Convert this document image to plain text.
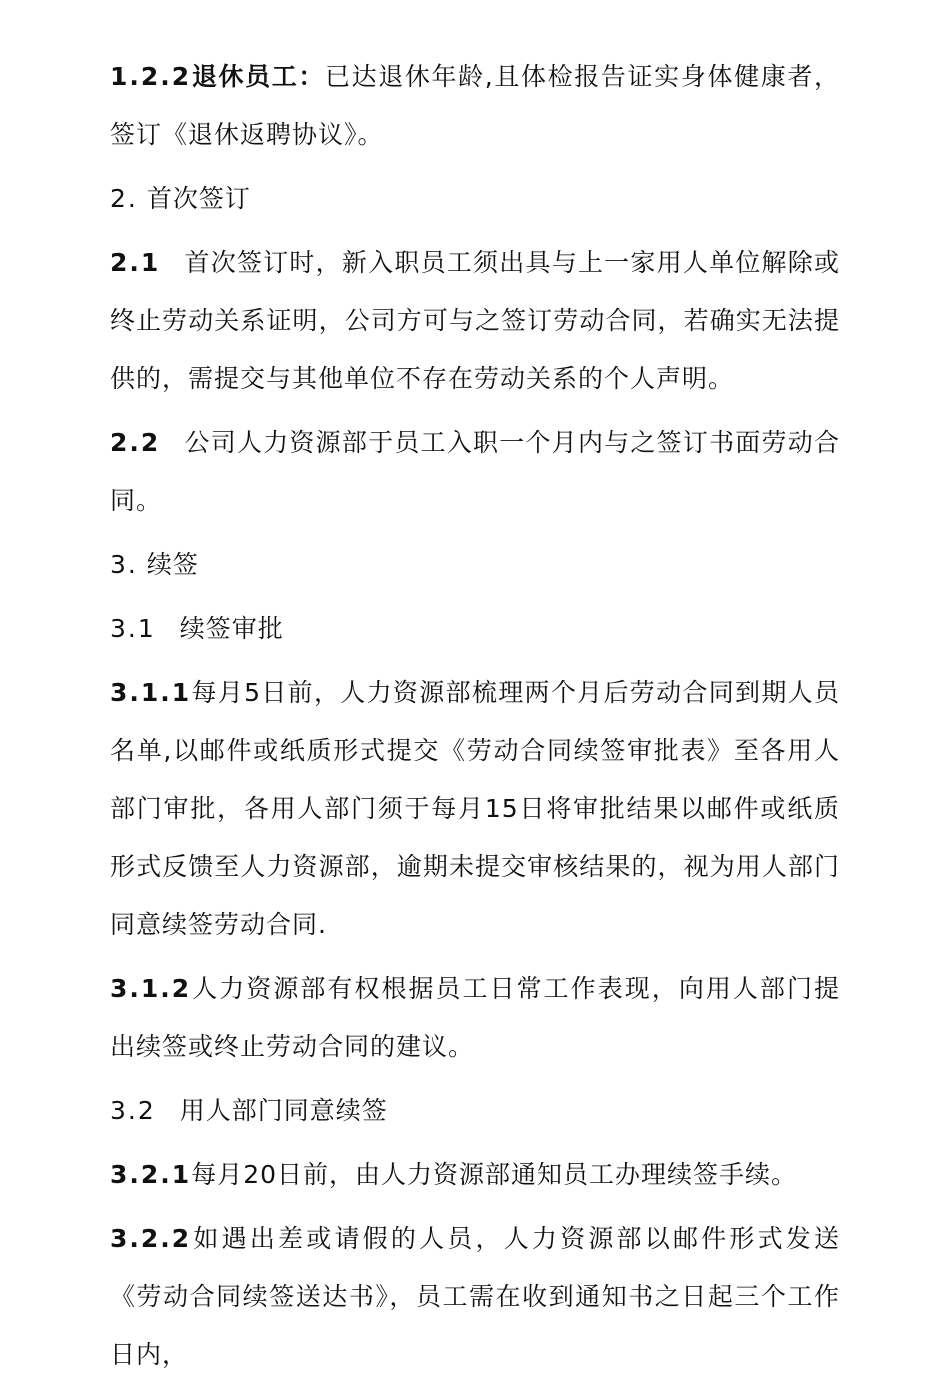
1.2.2退休员工：已达退休年龄,且体检报告证实身体健康者，签订《退休返聘协议》。

2. 首次签订

2.1 首次签订时，新入职员工须出具与上一家用人单位解除或终止劳动关系证明，公司方可与之签订劳动合同，若确实无法提供的，需提交与其他单位不存在劳动关系的个人声明。

2.2 公司人力资源部于员工入职一个月内与之签订书面劳动合同。

3. 续签

3.1 续签审批

3.1.1每月5日前，人力资源部梳理两个月后劳动合同到期人员名单,以邮件或纸质形式提交《劳动合同续签审批表》至各用人部门审批，各用人部门须于每月15日将审批结果以邮件或纸质形式反馈至人力资源部，逾期未提交审核结果的，视为用人部门同意续签劳动合同.

3.1.2人力资源部有权根据员工日常工作表现，向用人部门提出续签或终止劳动合同的建议。

3.2 用人部门同意续签

3.2.1每月20日前，由人力资源部通知员工办理续签手续。

3.2.2如遇出差或请假的人员，人力资源部以邮件形式发送《劳动合同续签送达书》，员工需在收到通知书之日起三个工作日内，
